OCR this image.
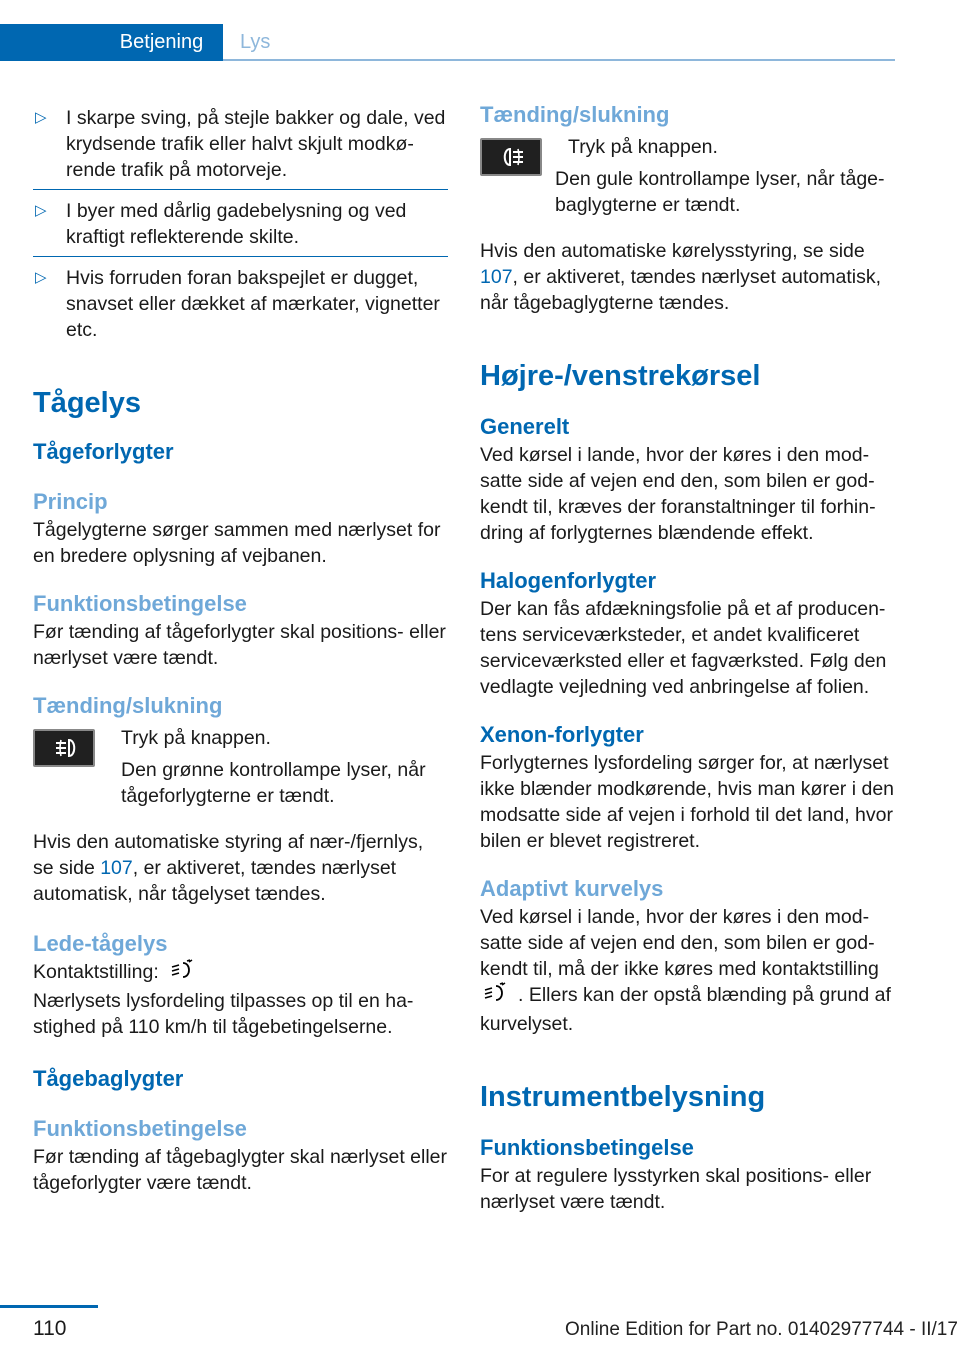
Betjening	Lys
▷ I skarpe sving, på stejle bakker og dale, ved krydsende trafik eller halvt skjult modkørende trafik på motorveje.
▷ I byer med dårlig gadebelysning og ved kraftigt reflekterende skilte.
▷ Hvis forruden foran bakspejlet er dugget, snavset eller dækket af mærkater, vignetter etc.
Tågelys
Tågeforlygter
Princip

Tågelygterne sørger sammen med nærlyset for en bredere oplysning af vejbanen.

Funktionsbetingelse

Før tænding af tågeforlygter skal positions- eller nærlyset være tændt.

Tænding/slukning

Tryk på knappen.

Den grønne kontrollampe lyser, når tågeforlygterne er tændt.

Hvis den automatiske styring af nær-/fjernlys, se side 107, er aktiveret, tændes nærlyset automatisk, når tågelyset tændes.

Lede-tågelys

Kontaktstilling:

Nærlysets lysfordeling tilpasses op til en hastighed på 110 km/h til tågebetingelserne.

Tågebaglygter
Funktionsbetingelse

Før tænding af tågebaglygter skal nærlyset eller tågeforlygter være tændt.

Tænding/slukning

Tryk på knappen.

Den gule kontrollampe lyser, når tågebaglygterne er tændt.

Hvis den automatiske kørelysstyring, se side 107, er aktiveret, tændes nærlyset automatisk, når tågebaglygterne tændes.

Højre-/venstrekørsel
Generelt

Ved kørsel i lande, hvor der køres i den modsatte side af vejen end den, som bilen er godkendt til, kræves der foranstaltninger til forhindring af forlygternes blændende effekt.

Halogenforlygter

Der kan fås afdækningsfolie på et af producentens serviceværksteder, et andet kvalificeret serviceværksted eller et fagværksted. Følg den vedlagte vejledning ved anbringelse af folien.

Xenon-forlygter

Forlygternes lysfordeling sørger for, at nærlyset ikke blænder modkørende, hvis man kører i den modsatte side af vejen i forhold til det land, hvor bilen er blevet registreret.

Adaptivt kurvelys

Ved kørsel i lande, hvor der køres i den modsatte side af vejen end den, som bilen er godkendt til, må der ikke køres med kontaktstilling
. Ellers kan der opstå blænding på grund af kurvelyset.

Instrumentbelysning
Funktionsbetingelse

For at regulere lysstyrken skal positions- eller nærlyset være tændt.

110	Online Edition for Part no. 01402977744 - II/17
